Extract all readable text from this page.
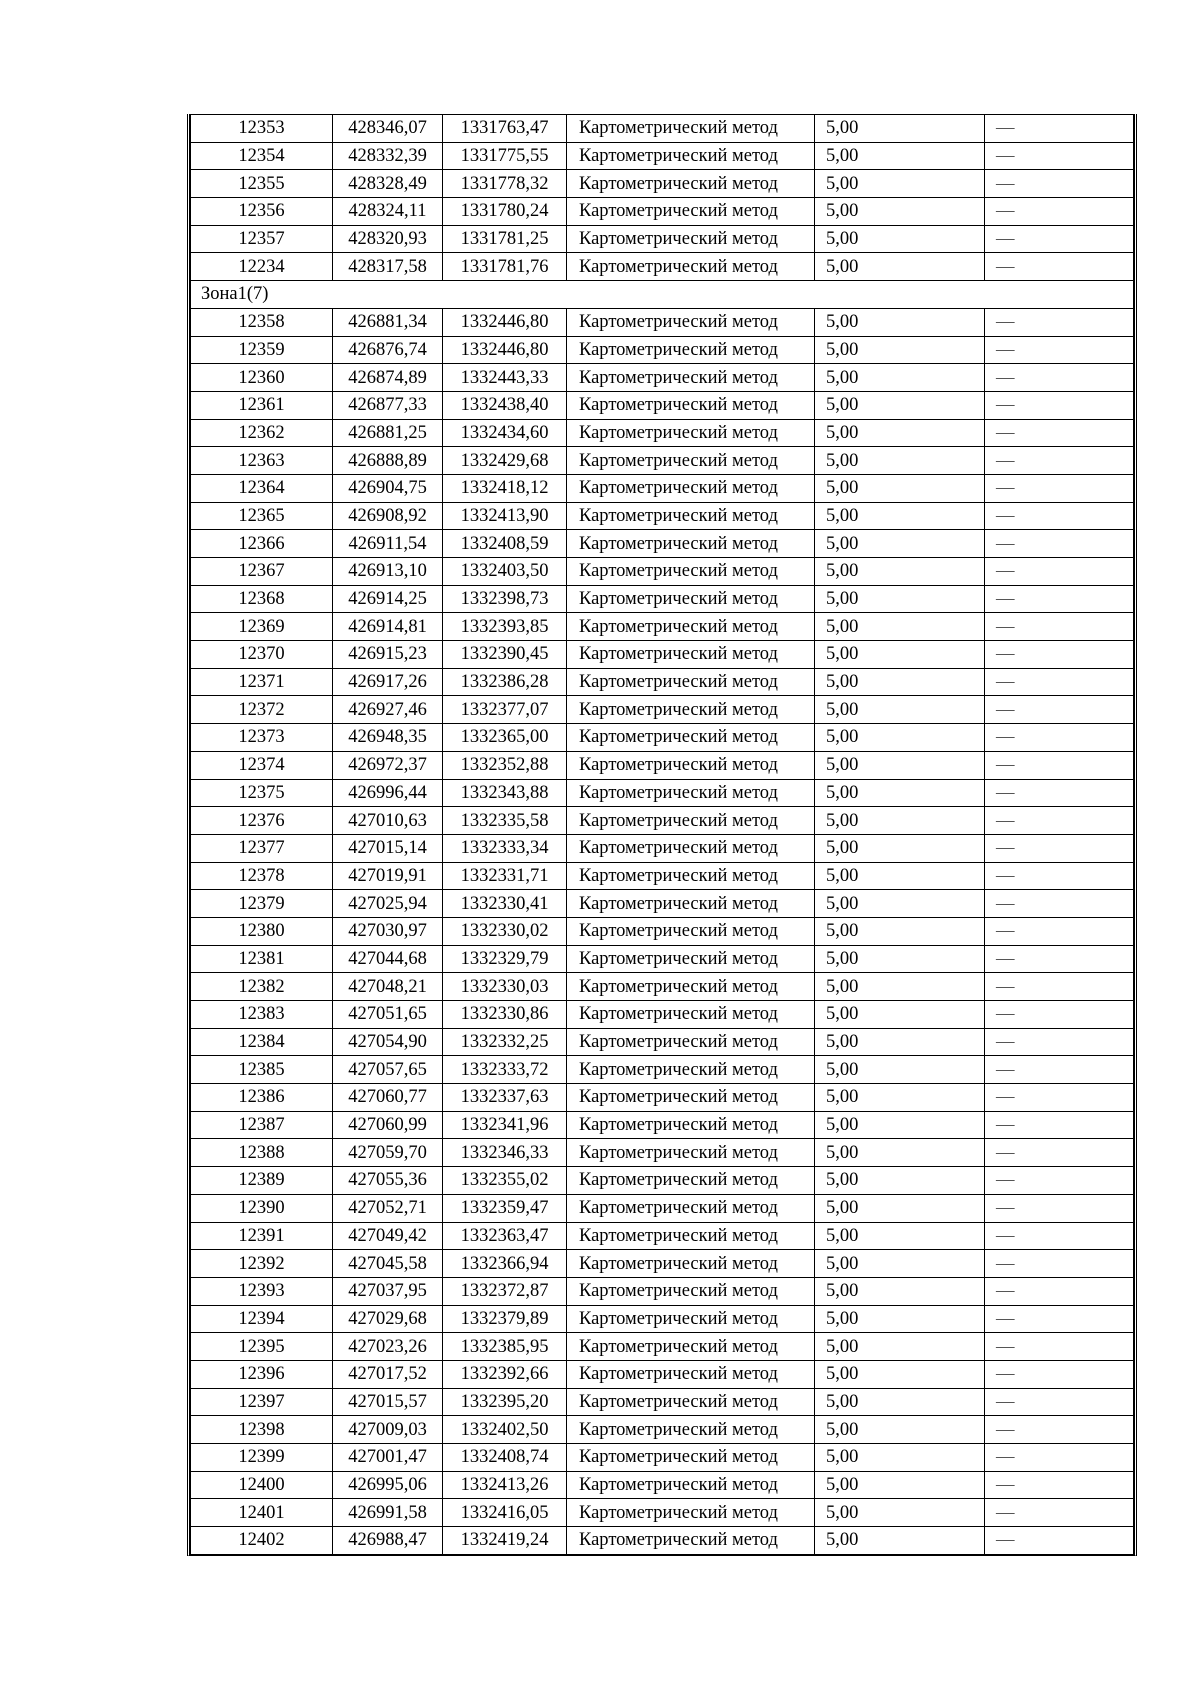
12353	428346,07	1331763,47	Картометрический метод	5,00	—
12354	428332,39	1331775,55	Картометрический метод	5,00	—
12355	428328,49	1331778,32	Картометрический метод	5,00	—
12356	428324,11	1331780,24	Картометрический метод	5,00	—
12357	428320,93	1331781,25	Картометрический метод	5,00	—
12234	428317,58	1331781,76	Картометрический метод	5,00	—
Зона1(7)					
12358	426881,34	1332446,80	Картометрический метод	5,00	—
12359	426876,74	1332446,80	Картометрический метод	5,00	—
12360	426874,89	1332443,33	Картометрический метод	5,00	—
12361	426877,33	1332438,40	Картометрический метод	5,00	—
12362	426881,25	1332434,60	Картометрический метод	5,00	—
12363	426888,89	1332429,68	Картометрический метод	5,00	—
12364	426904,75	1332418,12	Картометрический метод	5,00	—
12365	426908,92	1332413,90	Картометрический метод	5,00	—
12366	426911,54	1332408,59	Картометрический метод	5,00	—
12367	426913,10	1332403,50	Картометрический метод	5,00	—
12368	426914,25	1332398,73	Картометрический метод	5,00	—
12369	426914,81	1332393,85	Картометрический метод	5,00	—
12370	426915,23	1332390,45	Картометрический метод	5,00	—
12371	426917,26	1332386,28	Картометрический метод	5,00	—
12372	426927,46	1332377,07	Картометрический метод	5,00	—
12373	426948,35	1332365,00	Картометрический метод	5,00	—
12374	426972,37	1332352,88	Картометрический метод	5,00	—
12375	426996,44	1332343,88	Картометрический метод	5,00	—
12376	427010,63	1332335,58	Картометрический метод	5,00	—
12377	427015,14	1332333,34	Картометрический метод	5,00	—
12378	427019,91	1332331,71	Картометрический метод	5,00	—
12379	427025,94	1332330,41	Картометрический метод	5,00	—
12380	427030,97	1332330,02	Картометрический метод	5,00	—
12381	427044,68	1332329,79	Картометрический метод	5,00	—
12382	427048,21	1332330,03	Картометрический метод	5,00	—
12383	427051,65	1332330,86	Картометрический метод	5,00	—
12384	427054,90	1332332,25	Картометрический метод	5,00	—
12385	427057,65	1332333,72	Картометрический метод	5,00	—
12386	427060,77	1332337,63	Картометрический метод	5,00	—
12387	427060,99	1332341,96	Картометрический метод	5,00	—
12388	427059,70	1332346,33	Картометрический метод	5,00	—
12389	427055,36	1332355,02	Картометрический метод	5,00	—
12390	427052,71	1332359,47	Картометрический метод	5,00	—
12391	427049,42	1332363,47	Картометрический метод	5,00	—
12392	427045,58	1332366,94	Картометрический метод	5,00	—
12393	427037,95	1332372,87	Картометрический метод	5,00	—
12394	427029,68	1332379,89	Картометрический метод	5,00	—
12395	427023,26	1332385,95	Картометрический метод	5,00	—
12396	427017,52	1332392,66	Картометрический метод	5,00	—
12397	427015,57	1332395,20	Картометрический метод	5,00	—
12398	427009,03	1332402,50	Картометрический метод	5,00	—
12399	427001,47	1332408,74	Картометрический метод	5,00	—
12400	426995,06	1332413,26	Картометрический метод	5,00	—
12401	426991,58	1332416,05	Картометрический метод	5,00	—
12402	426988,47	1332419,24	Картометрический метод	5,00	—
